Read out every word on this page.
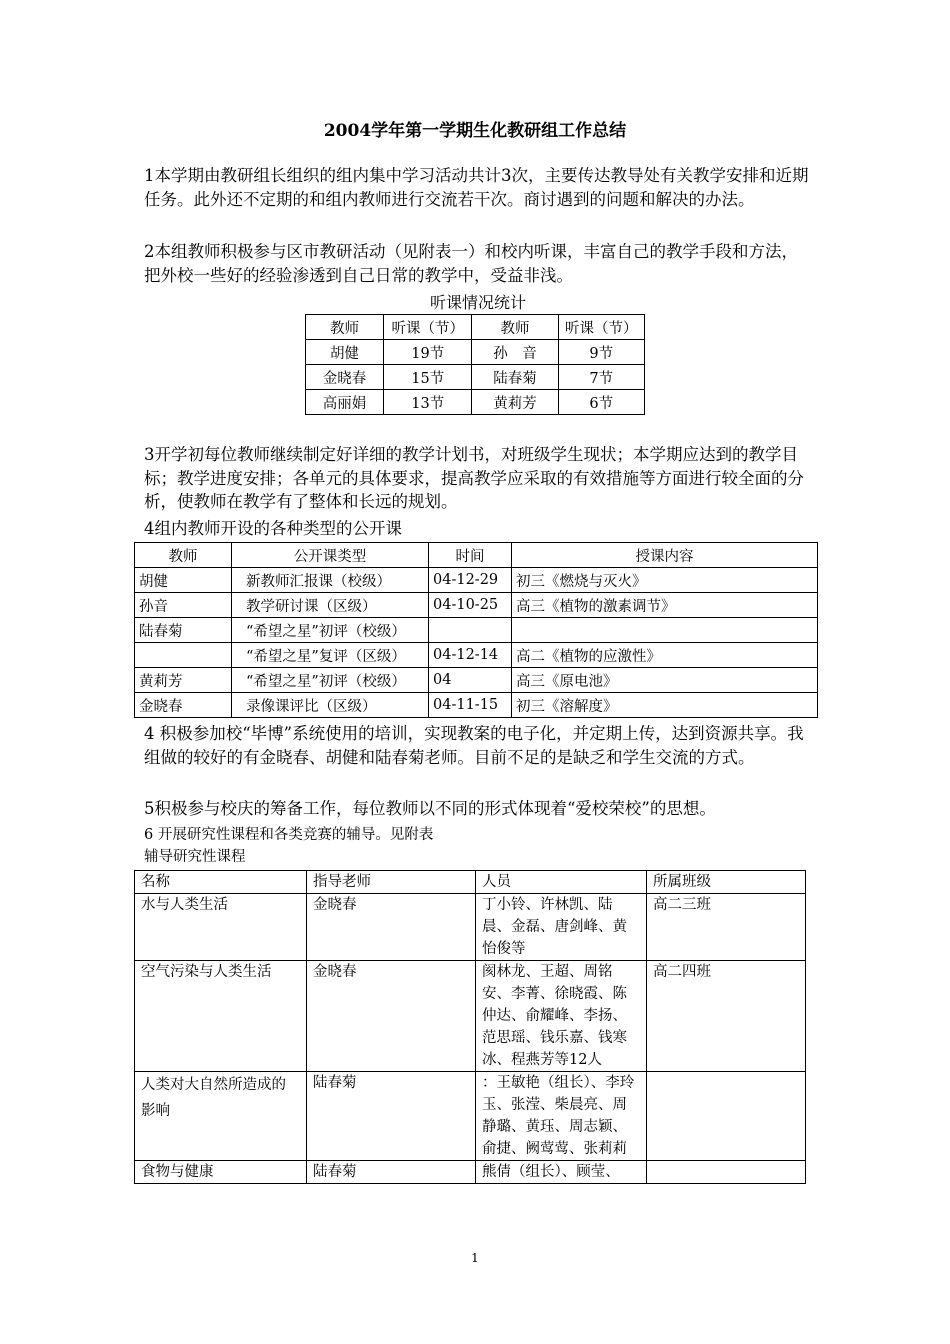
2004学年第一学期生化教研组工作总结
1本学期由教研组长组织的组内集中学习活动共计3次，主要传达教导处有关教学安排和近期任务。此外还不定期的和组内教师进行交流若干次。商讨遇到的问题和解决的办法。
2本组教师积极参与区市教研活动（见附表一）和校内听课，丰富自己的教学手段和方法，把外校一些好的经验渗透到自己日常的教学中，受益非浅。
听课情况统计
教师	听课（节）	教师	听课（节）
胡健	19节	孙　音	9节
金晓春	15节	陆春菊	7节
高丽娟	13节	黄莉芳	6节
3开学初每位教师继续制定好详细的教学计划书，对班级学生现状；本学期应达到的教学目标；教学进度安排；各单元的具体要求，提高教学应采取的有效措施等方面进行较全面的分析，使教师在教学有了整体和长远的规划。
4组内教师开设的各种类型的公开课
教师	公开课类型	时间	授课内容
胡健	新教师汇报课（校级）	04-12-29	初三《燃烧与灭火》
孙音	教学研讨课（区级）	04-10-25	高三《植物的激素调节》
陆春菊	“希望之星”初评（校级）		
	“希望之星”复评（区级）	04-12-14	高二《植物的应激性》
黄莉芳	“希望之星”初评（校级）	04	高三《原电池》
金晓春	录像课评比（区级）	04-11-15	初三《溶解度》
4 积极参加校“毕博”系统使用的培训，实现教案的电子化，并定期上传，达到资源共享。我组做的较好的有金晓春、胡健和陆春菊老师。目前不足的是缺乏和学生交流的方式。
5积极参与校庆的筹备工作，每位教师以不同的形式体现着“爱校荣校”的思想。
6 开展研究性课程和各类竞赛的辅导。见附表
辅导研究性课程
名称	指导老师	人员	所属班级
水与人类生活	金晓春	丁小铃、许林凯、陆晨、金磊、唐剑峰、黄怡俊等	高二三班
空气污染与人类生活	金晓春	阂林龙、王超、周铭安、李菁、徐晓霞、陈仲达、俞耀峰、李扬、范思瑶、钱乐嘉、钱寒冰、程燕芳等12人	高二四班
人类对大自然所造成的影响	陆春菊	：王敏艳（组长）、李玲玉、张滢、柴晨亮、周静璐、黄珏、周志颖、俞捷、阙莺莺、张莉莉	
食物与健康	陆春菊	熊倩（组长）、顾莹、	
1
